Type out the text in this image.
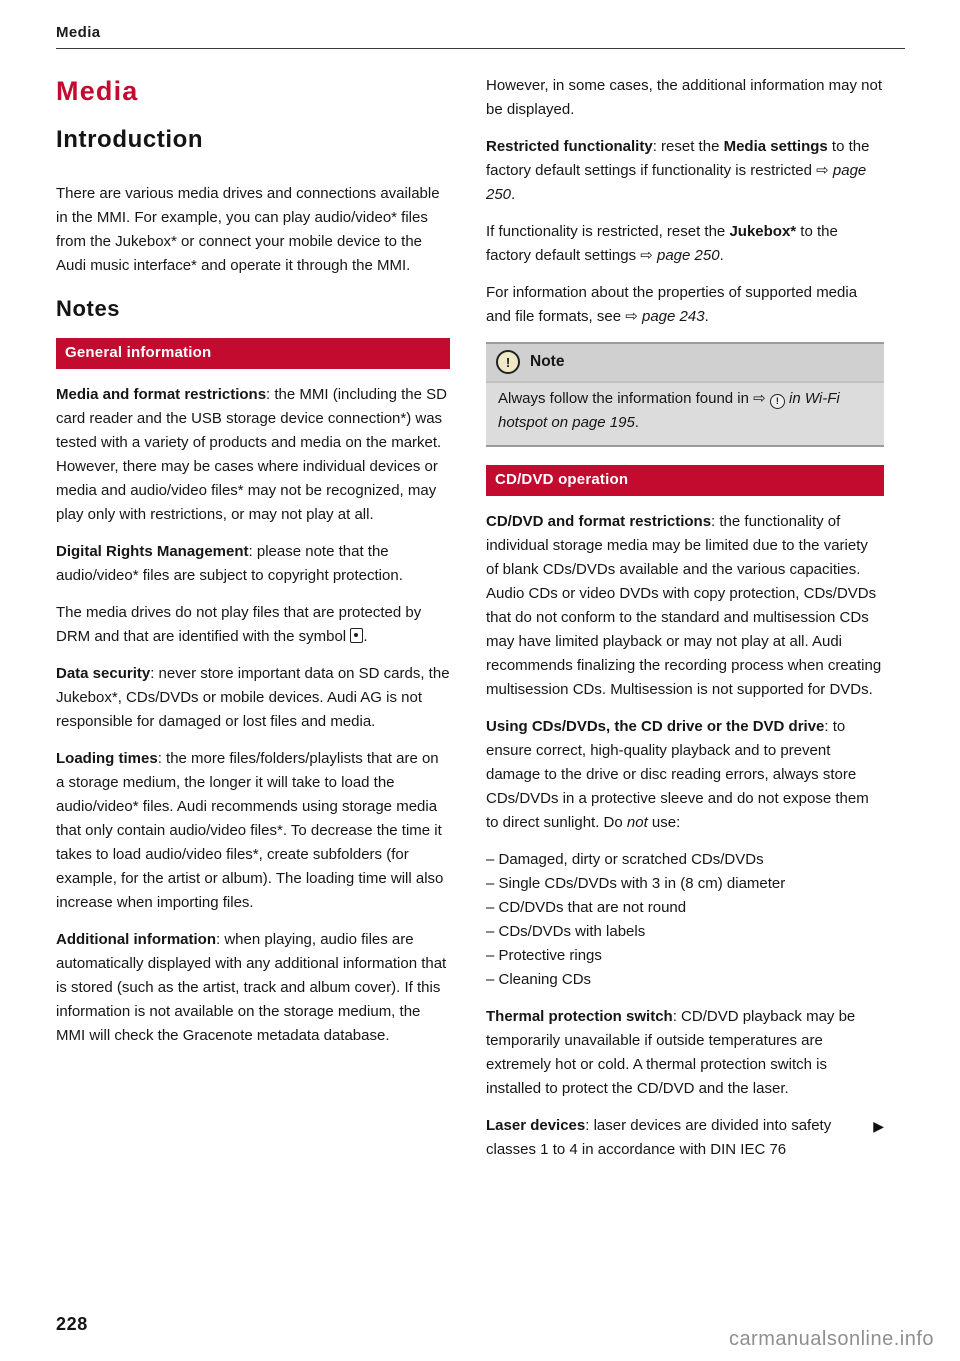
Media
Media
Introduction

There are various media drives and connections available in the MMI. For example, you can play audio/video* files from the Jukebox* or connect your mobile device to the Audi music interface* and operate it through the MMI.

Notes
General information

Media and format restrictions: the MMI (including the SD card reader and the USB storage device connection*) was tested with a variety of products and media on the market. However, there may be cases where individual devices or media and audio/video files* may not be recognized, may play only with restrictions, or may not play at all.

Digital Rights Management: please note that the audio/video* files are subject to copyright protection.

The media drives do not play files that are protected by DRM and that are identified with the symbol .

Data security: never store important data on SD cards, the Jukebox*, CDs/DVDs or mobile devices. Audi AG is not responsible for damaged or lost files and media.

Loading times: the more files/folders/playlists that are on a storage medium, the longer it will take to load the audio/video* files. Audi recommends using storage media that only contain audio/video files*. To decrease the time it takes to load audio/video files*, create subfolders (for example, for the artist or album). The loading time will also increase when importing files.

Additional information: when playing, audio files are automatically displayed with any additional information that is stored (such as the artist, track and album cover). If this information is not available on the storage medium, the MMI will check the Gracenote metadata database.

However, in some cases, the additional information may not be displayed.

Restricted functionality: reset the Media settings to the factory default settings if functionality is restricted ⇨ page 250.

If functionality is restricted, reset the Jukebox* to the factory default settings ⇨ page 250.

For information about the properties of supported media and file formats, see ⇨ page 243.

!	Note
Always follow the information found in ⇨ ! in Wi-Fi hotspot on page 195.
CD/DVD operation

CD/DVD and format restrictions: the functionality of individual storage media may be limited due to the variety of blank CDs/DVDs available and the various capacities. Audio CDs or video DVDs with copy protection, CDs/DVDs that do not conform to the standard and multisession CDs may have limited playback or may not play at all. Audi recommends finalizing the recording process when creating multisession CDs. Multisession is not supported for DVDs.

Using CDs/DVDs, the CD drive or the DVD drive: to ensure correct, high-quality playback and to prevent damage to the drive or disc reading errors, always store CDs/DVDs in a protective sleeve and do not expose them to direct sunlight. Do not use:

– Damaged, dirty or scratched CDs/DVDs

– Single CDs/DVDs with 3 in (8 cm) diameter

– CD/DVDs that are not round

– CDs/DVDs with labels

– Protective rings

– Cleaning CDs

Thermal protection switch: CD/DVD playback may be temporarily unavailable if outside temperatures are extremely hot or cold. A thermal protection switch is installed to protect the CD/DVD and the laser.

▶
Laser devices: laser devices are divided into safety classes 1 to 4 in accordance with DIN IEC 76

228
carmanualsonline.info
